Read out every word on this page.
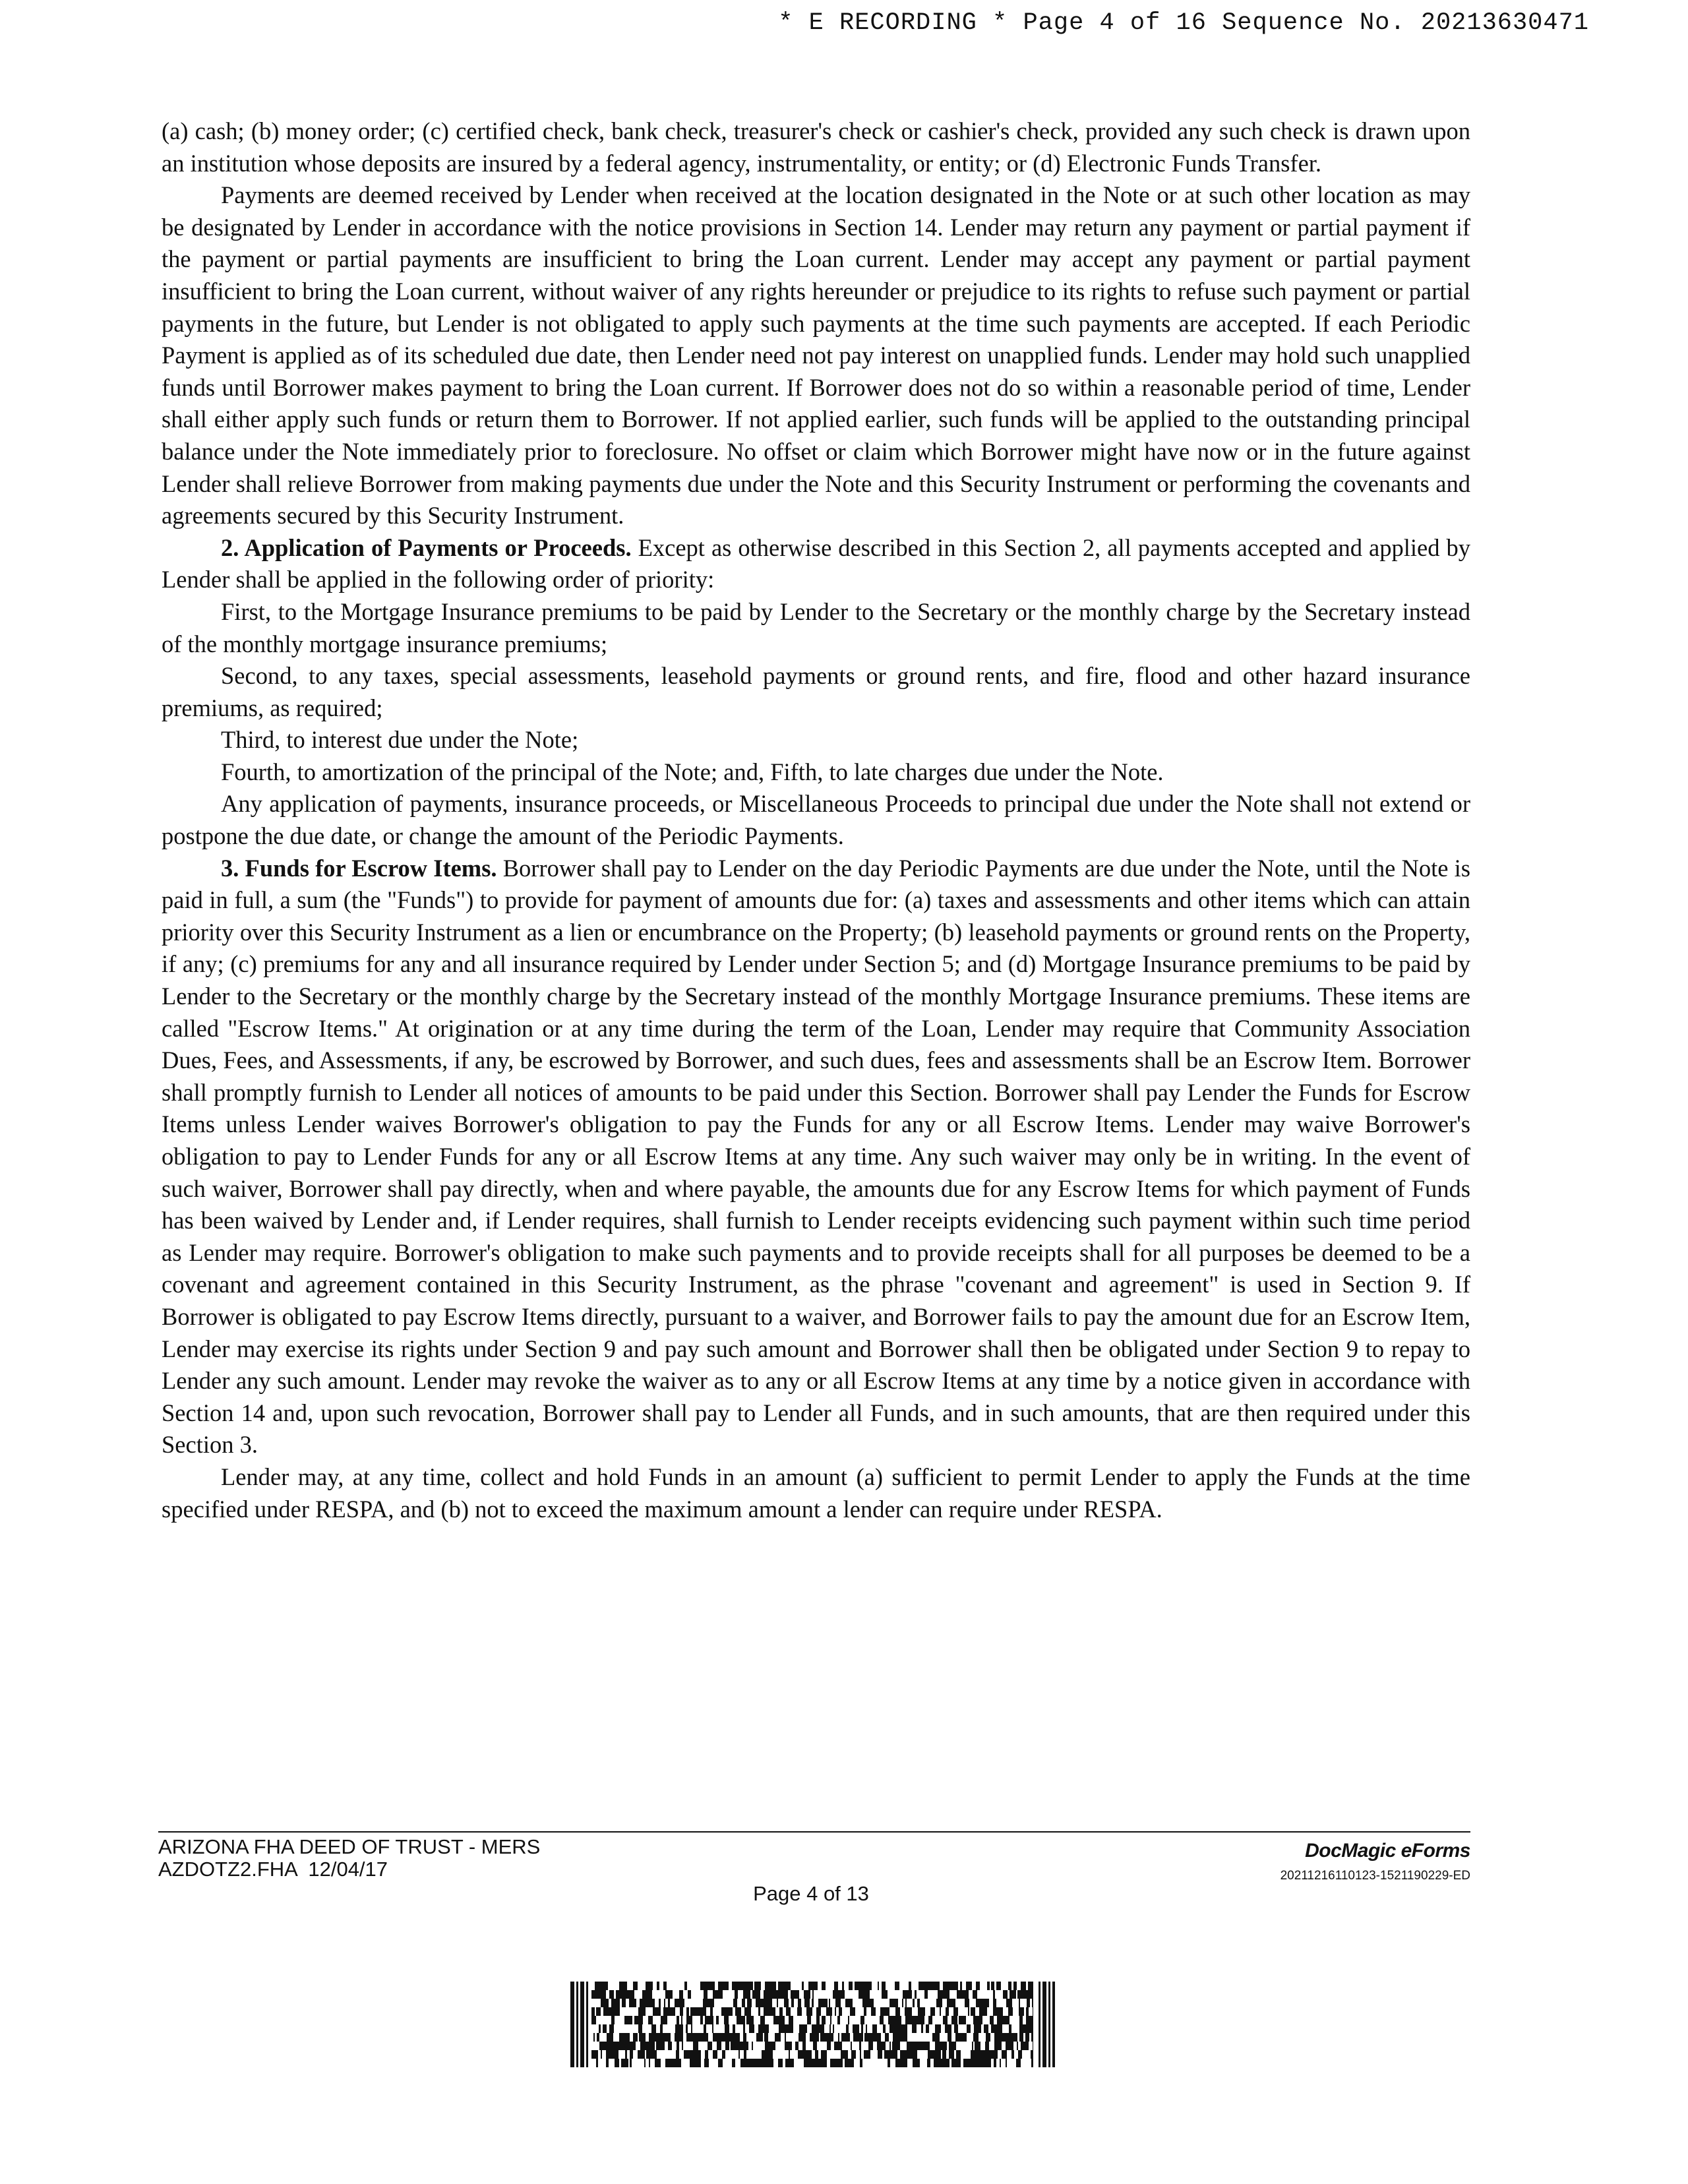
* E RECORDING * Page 4 of 16 Sequence No. 20213630471

(a) cash; (b) money order; (c) certified check, bank check, treasurer's check or cashier's check, provided any such check is drawn upon an institution whose deposits are insured by a federal agency, instrumentality, or entity; or (d) Electronic Funds Transfer.

Payments are deemed received by Lender when received at the location designated in the Note or at such other location as may be designated by Lender in accordance with the notice provisions in Section 14. Lender may return any payment or partial payment if the payment or partial payments are insufficient to bring the Loan current. Lender may accept any payment or partial payment insufficient to bring the Loan current, without waiver of any rights hereunder or prejudice to its rights to refuse such payment or partial payments in the future, but Lender is not obligated to apply such payments at the time such payments are accepted. If each Periodic Payment is applied as of its scheduled due date, then Lender need not pay interest on unapplied funds. Lender may hold such unapplied funds until Borrower makes payment to bring the Loan current. If Borrower does not do so within a reasonable period of time, Lender shall either apply such funds or return them to Borrower. If not applied earlier, such funds will be applied to the outstanding principal balance under the Note immediately prior to foreclosure. No offset or claim which Borrower might have now or in the future against Lender shall relieve Borrower from making payments due under the Note and this Security Instrument or performing the covenants and agreements secured by this Security Instrument.

2. Application of Payments or Proceeds. Except as otherwise described in this Section 2, all payments accepted and applied by Lender shall be applied in the following order of priority:

First, to the Mortgage Insurance premiums to be paid by Lender to the Secretary or the monthly charge by the Secretary instead of the monthly mortgage insurance premiums;

Second, to any taxes, special assessments, leasehold payments or ground rents, and fire, flood and other hazard insurance premiums, as required;

Third, to interest due under the Note;

Fourth, to amortization of the principal of the Note; and, Fifth, to late charges due under the Note.

Any application of payments, insurance proceeds, or Miscellaneous Proceeds to principal due under the Note shall not extend or postpone the due date, or change the amount of the Periodic Payments.

3. Funds for Escrow Items. Borrower shall pay to Lender on the day Periodic Payments are due under the Note, until the Note is paid in full, a sum (the "Funds") to provide for payment of amounts due for: (a) taxes and assessments and other items which can attain priority over this Security Instrument as a lien or encumbrance on the Property; (b) leasehold payments or ground rents on the Property, if any; (c) premiums for any and all insurance required by Lender under Section 5; and (d) Mortgage Insurance premiums to be paid by Lender to the Secretary or the monthly charge by the Secretary instead of the monthly Mortgage Insurance premiums. These items are called "Escrow Items." At origination or at any time during the term of the Loan, Lender may require that Community Association Dues, Fees, and Assessments, if any, be escrowed by Borrower, and such dues, fees and assessments shall be an Escrow Item. Borrower shall promptly furnish to Lender all notices of amounts to be paid under this Section. Borrower shall pay Lender the Funds for Escrow Items unless Lender waives Borrower's obligation to pay the Funds for any or all Escrow Items. Lender may waive Borrower's obligation to pay to Lender Funds for any or all Escrow Items at any time. Any such waiver may only be in writing. In the event of such waiver, Borrower shall pay directly, when and where payable, the amounts due for any Escrow Items for which payment of Funds has been waived by Lender and, if Lender requires, shall furnish to Lender receipts evidencing such payment within such time period as Lender may require. Borrower's obligation to make such payments and to provide receipts shall for all purposes be deemed to be a covenant and agreement contained in this Security Instrument, as the phrase "covenant and agreement" is used in Section 9. If Borrower is obligated to pay Escrow Items directly, pursuant to a waiver, and Borrower fails to pay the amount due for an Escrow Item, Lender may exercise its rights under Section 9 and pay such amount and Borrower shall then be obligated under Section 9 to repay to Lender any such amount. Lender may revoke the waiver as to any or all Escrow Items at any time by a notice given in accordance with Section 14 and, upon such revocation, Borrower shall pay to Lender all Funds, and in such amounts, that are then required under this Section 3.

Lender may, at any time, collect and hold Funds in an amount (a) sufficient to permit Lender to apply the Funds at the time specified under RESPA, and (b) not to exceed the maximum amount a lender can require under RESPA.

ARIZONA FHA DEED OF TRUST - MERS
AZDOTZ2.FHA  12/04/17
Page 4 of 13
DocMagic eForms
20211216110123-1521190229-ED
